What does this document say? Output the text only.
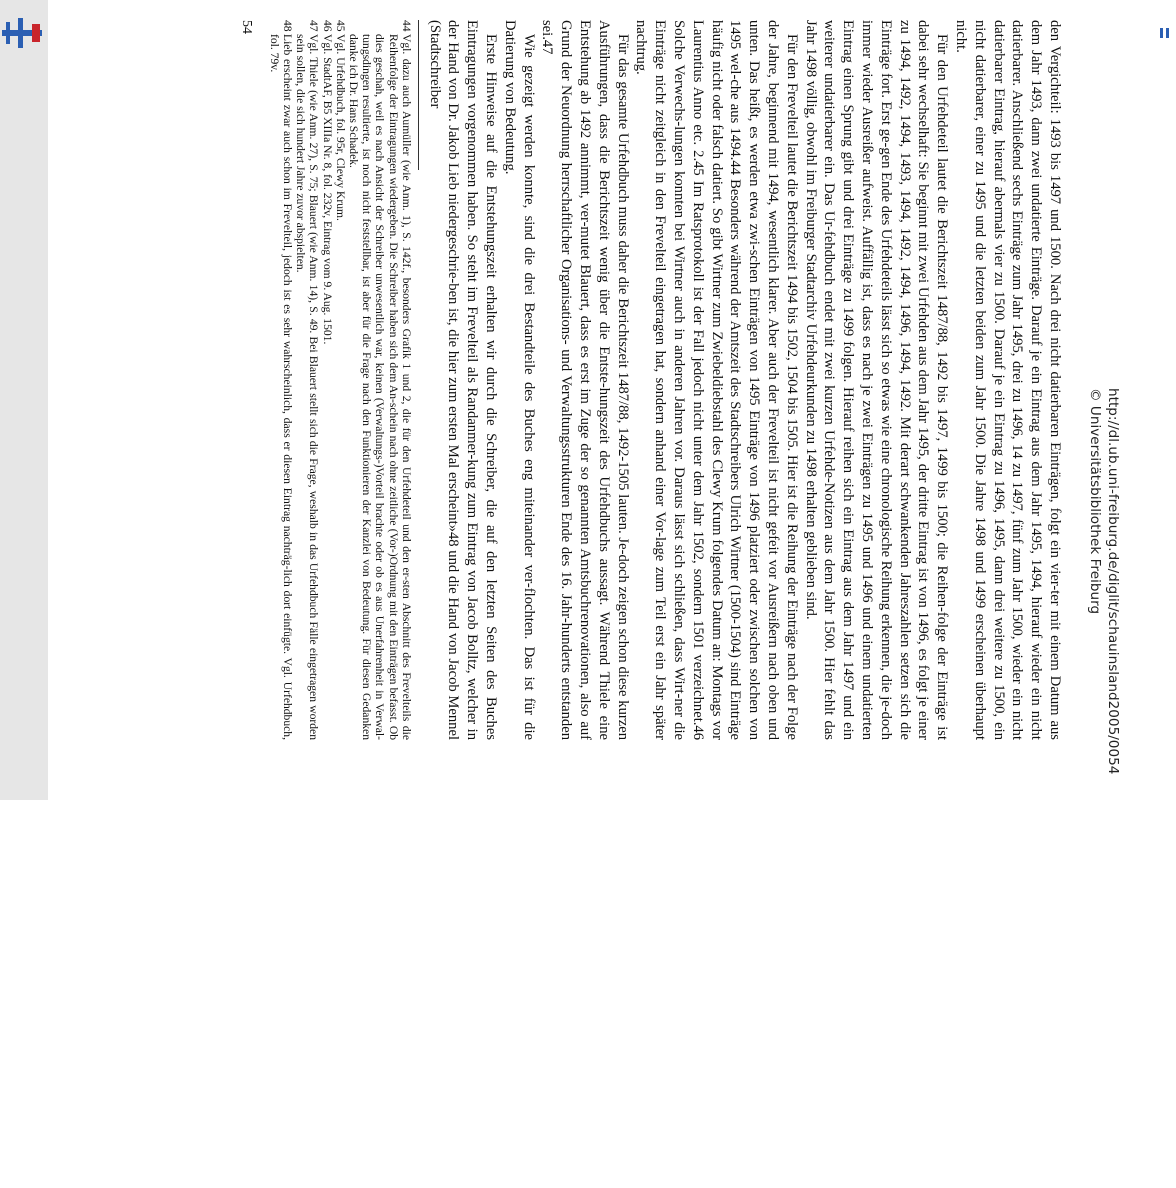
http://dl.ub.uni-freiburg.de/diglit/schauinsland2005/0054
© Universitätsbibliothek Freiburg

den Vergichteil: 1493 bis 1497 und 1500. Nach drei nicht datierbaren Einträgen, folgt ein vier-ter mit einem Datum aus dem Jahr 1493, dann zwei undatierte Einträge. Darauf je ein Eintrag aus dem Jahr 1495, 1494, hierauf wieder ein nicht datierbarer. Anschließend sechs Einträge zum Jahr 1495, drei zu 1496, 14 zu 1497, fünf zum Jahr 1500, wieder ein nicht datierbarer Eintrag, hierauf abermals vier zu 1500. Darauf je ein Eintrag zu 1496, 1495, dann drei weitere zu 1500, ein nicht datierbarer, einer zu 1495 und die letzten beiden zum Jahr 1500. Die Jahre 1498 und 1499 erscheinen überhaupt nicht.

Für den Urfehdeteil lautet die Berichtszeit 1487/88, 1492 bis 1497, 1499 bis 1500; die Reihen-folge der Einträge ist dabei sehr wechselhaft: Sie beginnt mit zwei Urfehden aus dem Jahr 1495, der dritte Eintrag ist von 1496, es folgt je einer zu 1494, 1492, 1494, 1493, 1494, 1492, 1494, 1496, 1494, 1492. Mit derart schwankenden Jahreszahlen setzen sich die Einträge fort. Erst ge-gen Ende des Urfehdeteils lässt sich so etwas wie eine chronologische Reihung erkennen, die je-doch immer wieder Ausreißer aufweist. Auffällig ist, dass es nach je zwei Einträgen zu 1495 und 1496 und einem undatierten Eintrag einen Sprung gibt und drei Einträge zu 1499 folgen. Hierauf reihen sich ein Eintrag aus dem Jahr 1497 und ein weiterer undatierbarer ein. Das Ur-fehdbuch endet mit zwei kurzen Urfehde-Notizen aus dem Jahr 1500. Hier fehlt das Jahr 1498 völlig, obwohl im Freiburger Stadtarchiv Urfehdeurkunden zu 1498 erhalten geblieben sind.

Für den Frevelteil lautet die Berichtszeit 1494 bis 1502, 1504 bis 1505. Hier ist die Reihung der Einträge nach der Folge der Jahre, beginnend mit 1494, wesentlich klarer. Aber auch der Frevelteil ist nicht gefeit vor Ausreißern nach oben und unten. Das heißt, es werden etwa zwi-schen Einträgen von 1495 Einträge von 1496 platziert oder zwischen solchen von 1495 wel-che aus 1494.44 Besonders während der Amtszeit des Stadtschreibers Ulrich Wirtner (1500-1504) sind Einträge häufig nicht oder falsch datiert. So gibt Wirtner zum Zwiebeldiebstahl des Clewy Krum folgendes Datum an: Montags vor Laurentius Anno etc. 2.45 Im Ratsprotokoll ist der Fall jedoch nicht unter dem Jahr 1502, sondern 1501 verzeichnet.46 Solche Verwechs-lungen konnten bei Wirtner auch in anderen Jahren vor. Daraus lässt sich schließen, dass Wirt-ner die Einträge nicht zeitgleich in den Frevelteil eingetragen hat, sondern anhand einer Vor-lage zum Teil erst ein Jahr später nachtrug.

Für das gesamte Urfehdbuch muss daher die Berichtszeit 1487/88, 1492-1505 lauten. Je-doch zeigen schon diese kurzen Ausführungen, dass die Berichtszeit wenig über die Entste-hungszeit des Urfehdbuchs aussagt. Während Thiele eine Entstehung ab 1492 annimmt, ver-mutet Blauert, dass es erst im Zuge der so genannten Amtsbuchrenovationen, also auf Grund der Neuordnung herrschaftlicher Organisations- und Verwaltungsstrukturen Ende des 16. Jahr-hunderts entstanden sei.47

Wie gezeigt werden konnte, sind die drei Bestandteile des Buches eng miteinander ver-flochten. Das ist für die Datierung von Bedeutung.

Erste Hinweise auf die Entstehungszeit erhalten wir durch die Schreiber, die auf den letzten Seiten des Buches Eintragungen vorgenommen haben. So steht im Frevelteil als Randanmer-kung zum Eintrag von Jacob Bolltz, welcher in der Hand von Dr. Jakob Lieb niedergeschrie-ben ist, die hier zum ersten Mal erscheint»48 und die Hand von Jacob Mennel (Stadtschreiber

44Vgl. dazu auch Aumüller (wie Anm. 1), S. 142f., besonders Grafik 1 und 2, die für den Urfehdeteil und den er-sten Abschnitt des Frevelteils die Reihenfolge der Eintragungen wiedergeben. Die Schreiber haben sich dem An-schein nach ohne zeitliche (Vor-)Ordnung mit den Einträgen befasst. Ob dies geschah, weil es nach Ansicht der Schreiber unwesentlich war, keinen (Verwaltungs-)Vorteil brachte oder ob es aus Unerfahrenheit in Verwal-tungsdingen resultierte, ist noch nicht feststellbar, ist aber für die Frage nach den Funktionieren der Kanzlei von Bedeutung. Für diesen Gedanken danke ich Dr. Hans Schadek.

45Vgl. Urfehdbuch, fol. 95r, Clewy Krum.

46Vgl. StadtAF, B5 XIIIa Nr. 8, fol. 232v, Eintrag vom 9. Aug. 1501.

47Vgl. Thiele (wie Anm. 27), S. 75; Blauert (wie Anm. 14), S. 49. Bei Blauert stellt sich die Frage, weshalb in das Urfehdbuch Fälle eingetragen worden sein sollen, die sich hundert Jahre zuvor abspielten.

48Lieb erscheint zwar auch schon im Frevelteil, jedoch ist es sehr wahrscheinlich, dass er diesen Eintrag nachträg-lich dort einfügte. Vgl. Urfehdbuch, fol. 79v.

54
